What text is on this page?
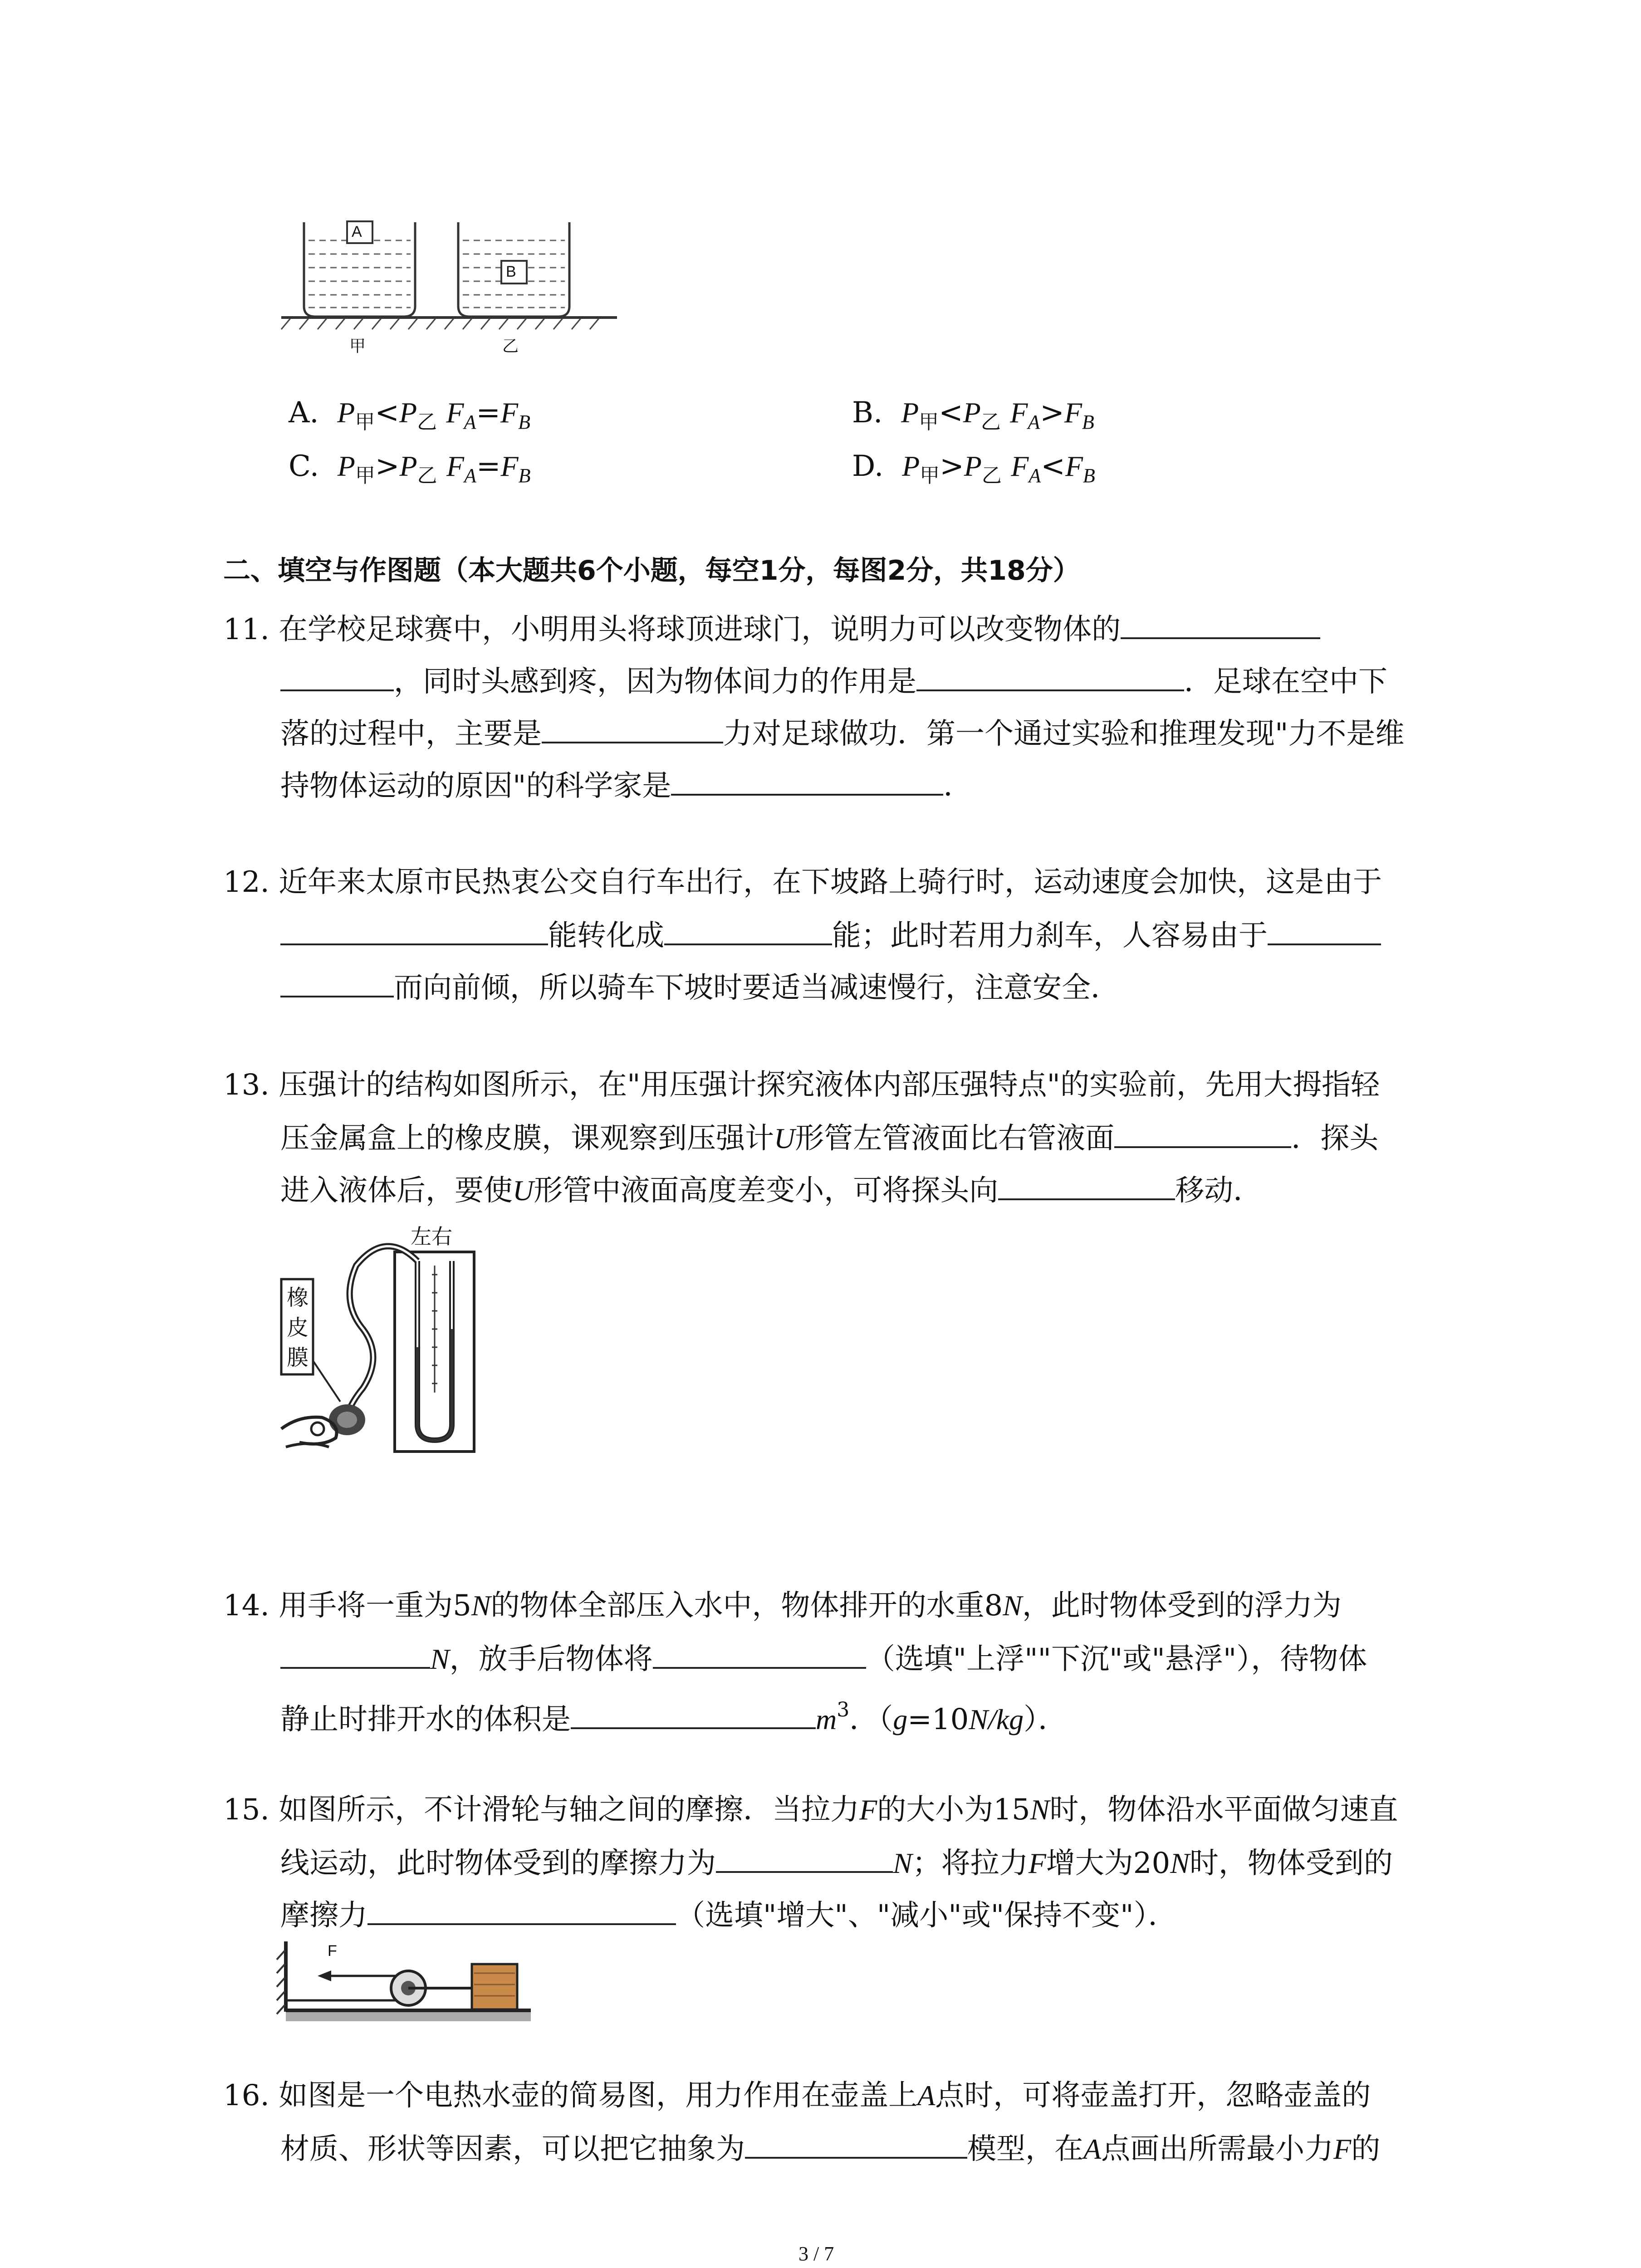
A
B
甲	乙
A. $P_甲<P_乙$ $F_A=F_B$	B. $P_甲<P_乙$ $F_A>F_B$
C. $P_甲>P_乙$ $F_A=F_B$	D. $P_甲>P_乙$ $F_A<F_B$
二、填空与作图题（本大题共6个小题，每空1分，每图2分，共18分）
11. 在学校足球赛中，小明用头将球顶进球门，说明力可以改变物体的
，同时头感到疼，因为物体间力的作用是	．足球在空中下
落的过程中，主要是	力对足球做功．第一个通过实验和推理发现"力不是维
持物体运动的原因"的科学家是	．
12. 近年来太原市民热衷公交自行车出行，在下坡路上骑行时，运动速度会加快，这是由于
能转化成	能；此时若用力刹车，人容易由于
而向前倾，所以骑车下坡时要适当减速慢行，注意安全．
13. 压强计的结构如图所示，在"用压强计探究液体内部压强特点"的实验前，先用大拇指轻
压金属盒上的橡皮膜，课观察到压强计U形管左管液面比右管液面	．探头
进入液体后，要使U形管中液面高度差变小，可将探头向	移动．
左右
橡皮膜
14. 用手将一重为5N的物体全部压入水中，物体排开的水重8N，此时物体受到的浮力为
N，放手后物体将	（选填"上浮""下沉"或"悬浮"），待物体
静止时排开水的体积是	$m^3$．（g=10N/kg）．
15. 如图所示，不计滑轮与轴之间的摩擦．当拉力F的大小为15N时，物体沿水平面做匀速直
线运动，此时物体受到的摩擦力为	N；将拉力F增大为20N时，物体受到的
摩擦力	（选填"增大"、"减小"或"保持不变"）．
F
16. 如图是一个电热水壶的简易图，用力作用在壶盖上A点时，可将壶盖打开，忽略壶盖的
材质、形状等因素，可以把它抽象为	模型，在A点画出所需最小力F的
3 / 7
